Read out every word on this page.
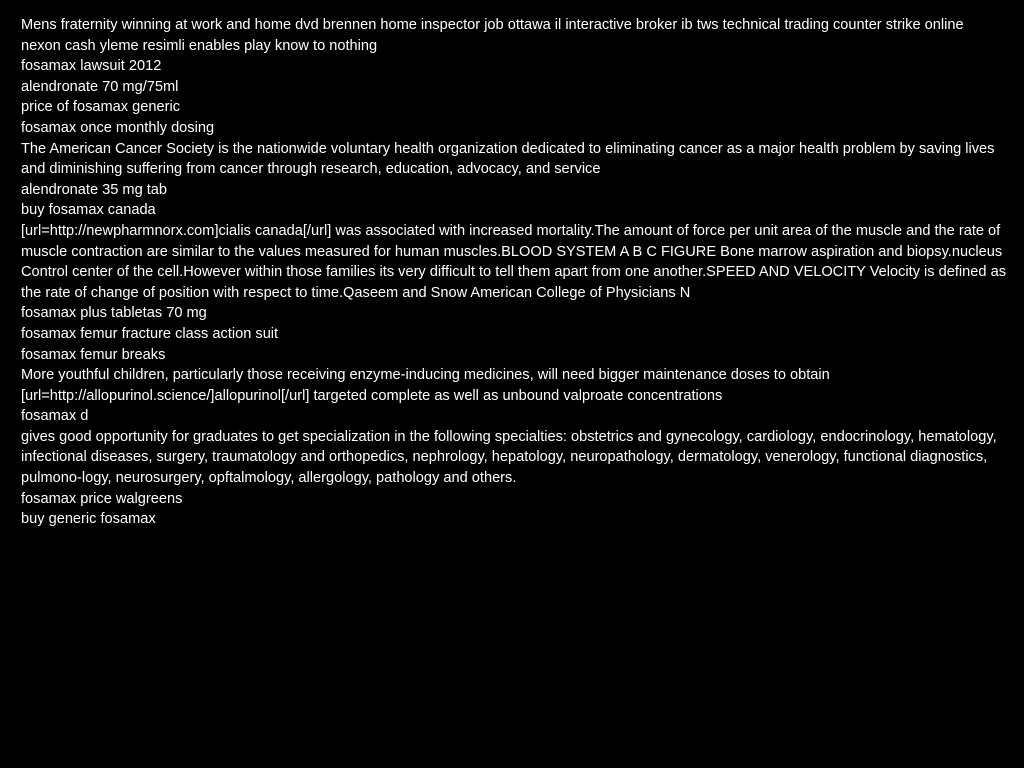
Mens fraternity winning at work and home dvd brennen home inspector job ottawa il interactive broker ib tws technical trading counter strike online nexon cash yleme resimli enables play know to nothing

fosamax lawsuit 2012

alendronate 70 mg/75ml

price of fosamax generic

fosamax once monthly dosing

The American Cancer Society is the nationwide voluntary health organization dedicated to eliminating cancer as a major health problem by saving lives and diminishing suffering from cancer through research, education, advocacy, and service

alendronate 35 mg tab

buy fosamax canada

[url=http://newpharmnorx.com]cialis canada[/url] was associated with increased mortality.The amount of force per unit area of the muscle and the rate of muscle contraction are similar to the values measured for human muscles.BLOOD SYSTEM A B C FIGURE Bone marrow aspiration and biopsy.nucleus Control center of the cell.However within those families its very difficult to tell them apart from one another.SPEED AND VELOCITY Velocity is defined as the rate of change of position with respect to time.Qaseem and Snow American College of Physicians N

fosamax plus tabletas 70 mg

fosamax femur fracture class action suit

fosamax femur breaks

More youthful children, particularly those receiving enzyme-inducing medicines, will need bigger maintenance doses to obtain [url=http://allopurinol.science/]allopurinol[/url] targeted complete as well as unbound valproate concentrations

fosamax d

gives good opportunity for graduates to get specialization in the following specialties: obstetrics and gynecology, cardiology, endocrinology, hematology, infectional diseases, surgery, traumatology and orthopedics, nephrology, hepatology, neuropathology, dermatology, venerology, functional diagnostics, pulmono-logy, neurosurgery, opftalmology, allergology, pathology and others.

fosamax price walgreens

buy generic fosamax
